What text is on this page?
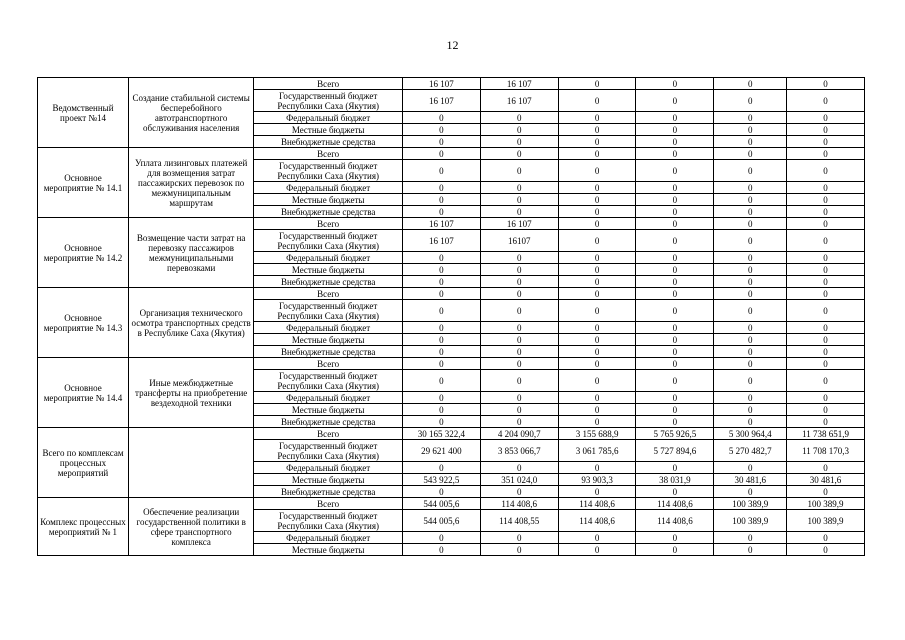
12
Ведомственный проект №14	Создание стабильной системы бесперебойного автотранспортного обслуживания населения	Всего	16 107	16 107	0	0	0	0
		Государственный бюджет Республики Саха (Якутия)	16 107	16 107	0	0	0	0
		Федеральный бюджет	0	0	0	0	0	0
		Местные бюджеты	0	0	0	0	0	0
		Внебюджетные средства	0	0	0	0	0	0
Основное мероприятие № 14.1	Уплата лизинговых платежей для возмещения затрат пассажирских перевозок по межмуниципальным маршрутам	Всего	0	0	0	0	0	0
		Государственный бюджет Республики Саха (Якутия)	0	0	0	0	0	0
		Федеральный бюджет	0	0	0	0	0	0
		Местные бюджеты	0	0	0	0	0	0
		Внебюджетные средства	0	0	0	0	0	0
Основное мероприятие № 14.2	Возмещение части затрат на перевозку пассажиров межмуниципальными перевозками	Всего	16 107	16 107	0	0	0	0
		Государственный бюджет Республики Саха (Якутия)	16 107	16107	0	0	0	0
		Федеральный бюджет	0	0	0	0	0	0
		Местные бюджеты	0	0	0	0	0	0
		Внебюджетные средства	0	0	0	0	0	0
Основное мероприятие № 14.3	Организация технического осмотра транспортных средств в Республике Саха (Якутия)	Всего	0	0	0	0	0	0
		Государственный бюджет Республики Саха (Якутия)	0	0	0	0	0	0
		Федеральный бюджет	0	0	0	0	0	0
		Местные бюджеты	0	0	0	0	0	0
		Внебюджетные средства	0	0	0	0	0	0
Основное мероприятие № 14.4	Иные межбюджетные трансферты на приобретение вездеходной техники	Всего	0	0	0	0	0	0
		Государственный бюджет Республики Саха (Якутия)	0	0	0	0	0	0
		Федеральный бюджет	0	0	0	0	0	0
		Местные бюджеты	0	0	0	0	0	0
		Внебюджетные средства	0	0	0	0	0	0
Всего по комплексам процессных мероприятий		Всего	30 165 322,4	4 204 090,7	3 155 688,9	5 765 926,5	5 300 964,4	11 738 651,9
		Государственный бюджет Республики Саха (Якутия)	29 621 400	3 853 066,7	3 061 785,6	5 727 894,6	5 270 482,7	11 708 170,3
		Федеральный бюджет	0	0	0	0	0	0
		Местные бюджеты	543 922,5	351 024,0	93 903,3	38 031,9	30 481,6	30 481,6
		Внебюджетные средства	0	0	0	0	0	0
Комплекс процессных мероприятий № 1	Обеспечение реализации государственной политики в сфере транспортного комплекса	Всего	544 005,6	114 408,6	114 408,6	114 408,6	100 389,9	100 389,9
		Государственный бюджет Республики Саха (Якутия)	544 005,6	114 408,55	114 408,6	114 408,6	100 389,9	100 389,9
		Федеральный бюджет	0	0	0	0	0	0
		Местные бюджеты	0	0	0	0	0	0
